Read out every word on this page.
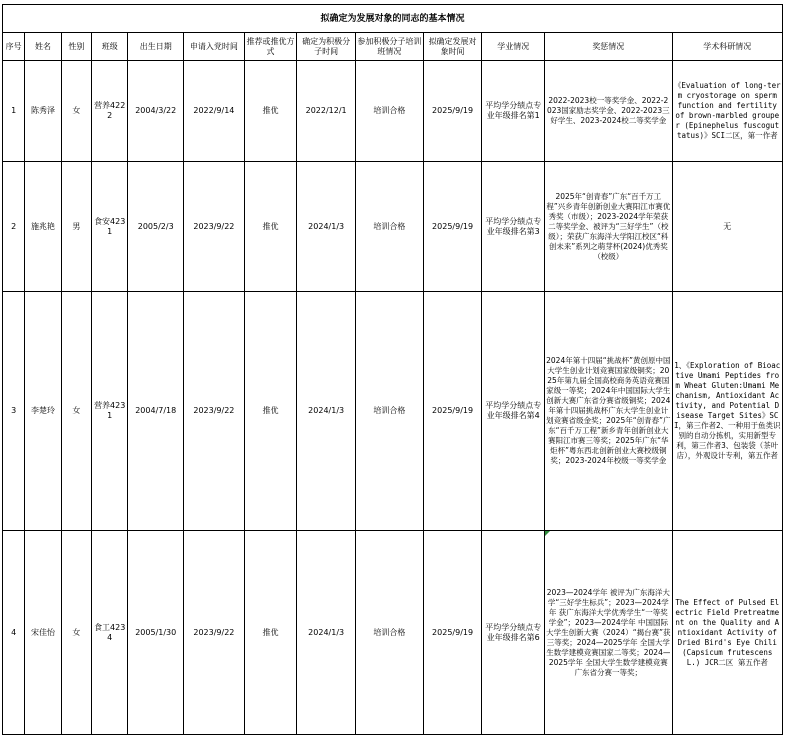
拟确定为发展对象的同志的基本情况												
序号	姓名	性别	班级	出生日期	申请入党时间	推荐或推优方式	确定为积极分子时间	参加积极分子培训班情况	拟确定发展对象时间	学业情况	奖惩情况	学术科研情况
1	陈秀泽	女	营养4222	2004/3/22	2022/9/14	推优	2022/12/1	培训合格	2025/9/19	平均学分绩点专业年级排名第1	2022-2023校一等奖学金、2022-2023国家励志奖学金、2022-2023三好学生、2023-2024校二等奖学金	《Evaluation of long-term cryostorage on sperm function and fertility of brown-marbled grouper (Epinephelus fuscoguttatus)》SCI二区，第一作者
2	施兆艳	男	食安4231	2005/2/3	2023/9/22	推优	2024/1/3	培训合格	2025/9/19	平均学分绩点专业年级排名第3	2025年“创青春”广东“百千万工程”兴乡青年创新创业大赛阳江市赛优秀奖（市级）；2023-2024学年荣获二等奖学金、被评为“三好学生”（校级）；荣获广东海洋大学阳江校区“科创未来”系列之萌芽杯(2024)优秀奖（校级）	无
3	李楚玲	女	营养4231	2004/7/18	2023/9/22	推优	2024/1/3	培训合格	2025/9/19	平均学分绩点专业年级排名第4	2024年第十四届“挑战杯”黄创原中国大学生创业计划竞赛国家级铜奖；2025年第九届全国高校商务英语竞赛国家级一等奖；2024年中国国际大学生创新大赛广东省分赛省级铜奖；2024年第十四届挑战杯广东大学生创业计划竞赛省级金奖；2025年“创青春”广东“百千万工程”新乡青年创新创业大赛阳江市赛三等奖；2025年广东“华炬杯”粤东西北创新创业大赛校级铜奖；2023-2024年校级一等奖学金	1、《Exploration of Bioactive Umami Peptides from Wheat Gluten:Umami Mechanism, Antioxidant Activity, and Potential Disease Target Sites》SCI，第三作者2、一种用于鱼类识别的自动分拣机，实用新型专利，第三作者3、包装袋（茶叶店），外观设计专利，第五作者
4	宋佳怡	女	食工4234	2005/1/30	2023/9/22	推优	2024/1/3	培训合格	2025/9/19	平均学分绩点专业年级排名第6	2023—2024学年 被评为广东海洋大学“三好学生标兵”；2023—2024学年 获广东海洋大学优秀学生“一等奖学金”；2023—2024学年 中国国际大学生创新大赛（2024）“揭台赛”获三等奖；2024—2025学年 全国大学生数学建模竞赛国家二等奖；2024—2025学年 全国大学生数学建模竞赛广东省分赛一等奖；	The Effect of Pulsed Electric Field Pretreatment on the Quality and Antioxidant Activity of Dried Bird's Eye Chili (Capsicum frutescens L.) JCR二区 第五作者
